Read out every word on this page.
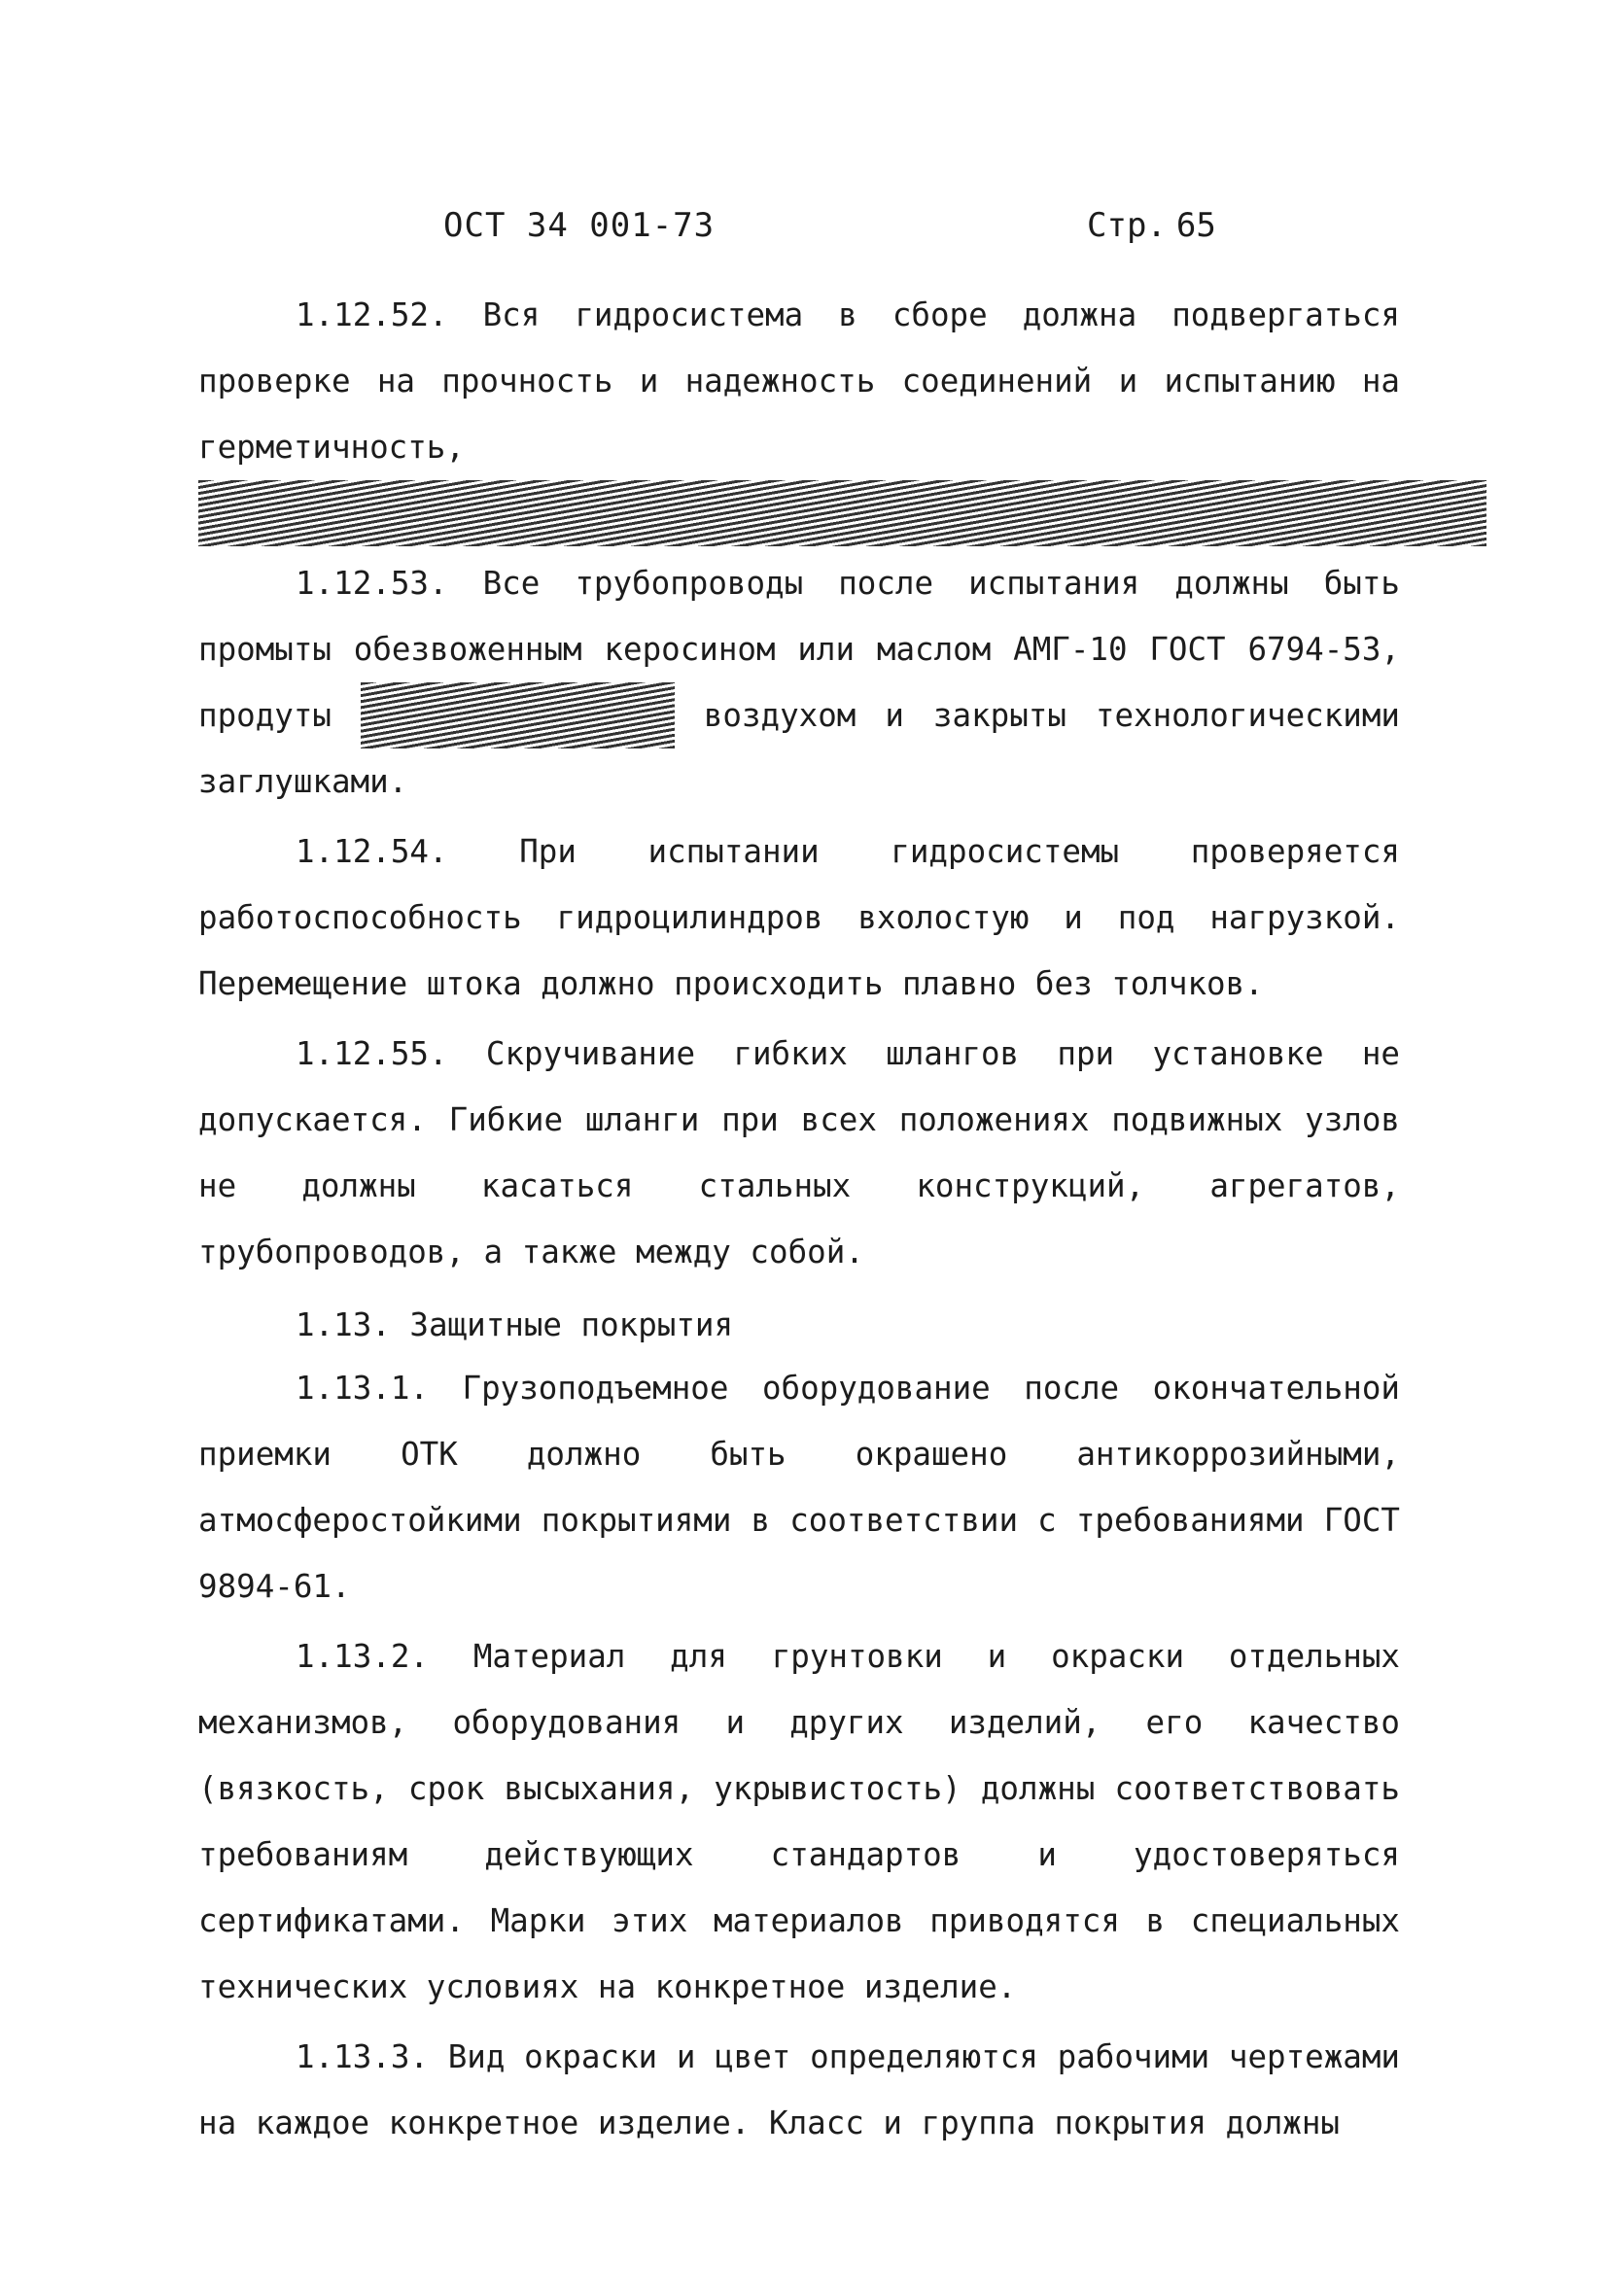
ОСТ 34 001-73	Стр. 65

1.12.52. Вся гидросистема в сборе должна подвергаться проверке на прочность и надежность соединений и испытанию на герметичность,

1.12.53. Все трубопроводы после испытания должны быть промыты обезвоженным керосином или маслом АМГ-10 ГОСТ 6794-53, продуты	воздухом и закрыты технологическими заглушками.

1.12.54. При испытании гидросистемы проверяется работоспособность гидроцилиндров вхолостую и под нагрузкой. Перемещение штока должно происходить плавно без толчков.

1.12.55. Скручивание гибких шлангов при установке не допускается. Гибкие шланги при всех положениях подвижных узлов не должны касаться стальных конструкций, агрегатов, трубопроводов, а также между собой.

1.13. Защитные покрытия

1.13.1. Грузоподъемное оборудование после окончательной приемки ОТК должно быть окрашено антикоррозийными, атмосферостойкими покрытиями в соответствии с требованиями ГОСТ 9894-61.

1.13.2. Материал для грунтовки и окраски отдельных механизмов, оборудования и других изделий, его качество (вязкость, срок высыхания, укрывистость) должны соответствовать требованиям действующих стандартов и удостоверяться сертификатами. Марки этих материалов приводятся в специальных технических условиях на конкретное изделие.

1.13.3. Вид окраски и цвет определяются рабочими чертежами на каждое конкретное изделие. Класс и группа покрытия должны
